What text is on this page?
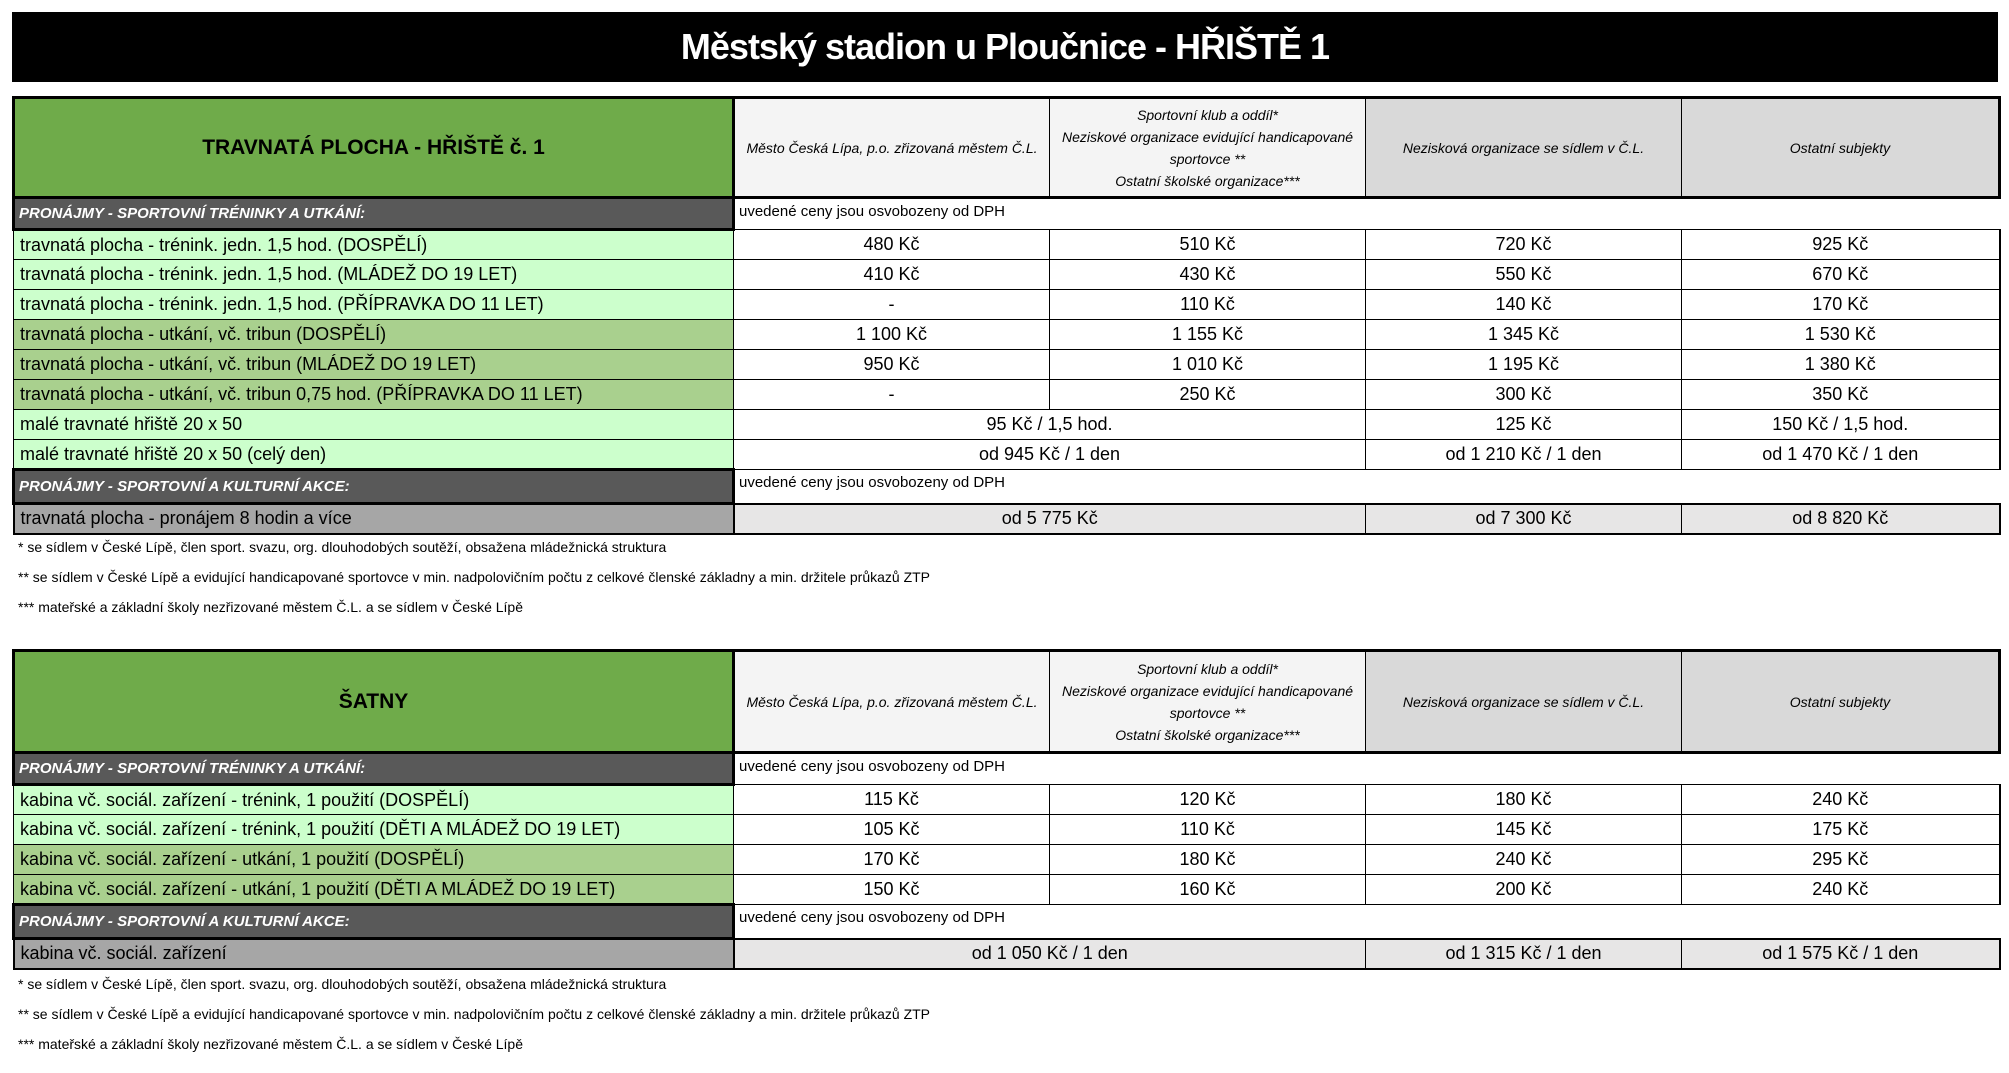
Městský stadion u Ploučnice - HŘIŠTĚ 1
TRAVNATÁ PLOCHA - HŘIŠTĚ č. 1	Město Česká Lípa, p.o. zřizovaná městem Č.L.	Sportovní klub a oddíl*
Neziskové organizace evidující handicapované sportovce **
Ostatní školské organizace***	Nezisková organizace se sídlem v Č.L.	Ostatní subjekty

PRONÁJMY - SPORTOVNÍ TRÉNINKY A UTKÁNÍ:	uvedené ceny jsou osvobozeny od DPH			
travnatá plocha - trénink. jedn. 1,5 hod. (DOSPĚLÍ)	480 Kč	510 Kč	720 Kč	925 Kč
travnatá plocha - trénink. jedn. 1,5 hod. (MLÁDEŽ DO 19 LET)	410 Kč	430 Kč	550 Kč	670 Kč
travnatá plocha - trénink. jedn. 1,5 hod. (PŘÍPRAVKA DO 11 LET)	-	110 Kč	140 Kč	170 Kč
travnatá plocha - utkání, vč. tribun (DOSPĚLÍ)	1 100 Kč	1 155 Kč	1 345 Kč	1 530 Kč
travnatá plocha - utkání, vč. tribun (MLÁDEŽ DO 19 LET)	950 Kč	1 010 Kč	1 195 Kč	1 380 Kč
travnatá plocha - utkání, vč. tribun 0,75 hod. (PŘÍPRAVKA DO 11 LET)	-	250 Kč	300 Kč	350 Kč
malé travnaté hřiště 20 x 50	95 Kč / 1,5 hod.		125 Kč	150 Kč / 1,5 hod.
malé travnaté hřiště 20 x 50 (celý den)	od 945 Kč / 1 den		od 1 210 Kč / 1 den	od 1 470 Kč / 1 den
PRONÁJMY - SPORTOVNÍ A KULTURNÍ AKCE:	uvedené ceny jsou osvobozeny od DPH			
travnatá plocha - pronájem 8 hodin a více	od 5 775 Kč		od 7 300 Kč	od 8 820 Kč
* se sídlem v České Lípě, člen sport. svazu, org. dlouhodobých soutěží, obsažena mládežnická struktura
** se sídlem v České Lípě a evidující handicapované sportovce v min. nadpolovičním počtu z celkové členské základny a min. držitele průkazů ZTP
*** mateřské a základní školy nezřizované městem Č.L. a se sídlem v České Lípě
ŠATNY	Město Česká Lípa, p.o. zřizovaná městem Č.L.	Sportovní klub a oddíl*
Neziskové organizace evidující handicapované sportovce **
Ostatní školské organizace***	Nezisková organizace se sídlem v Č.L.	Ostatní subjekty

PRONÁJMY - SPORTOVNÍ TRÉNINKY A UTKÁNÍ:	uvedené ceny jsou osvobozeny od DPH			
kabina vč. sociál. zařízení - trénink, 1 použití (DOSPĚLÍ)	115 Kč	120 Kč	180 Kč	240 Kč
kabina vč. sociál. zařízení - trénink, 1 použití (DĚTI A MLÁDEŽ DO 19 LET)	105 Kč	110 Kč	145 Kč	175 Kč
kabina vč. sociál. zařízení - utkání, 1 použití (DOSPĚLÍ)	170 Kč	180 Kč	240 Kč	295 Kč
kabina vč. sociál. zařízení - utkání, 1 použití (DĚTI A MLÁDEŽ DO 19 LET)	150 Kč	160 Kč	200 Kč	240 Kč
PRONÁJMY - SPORTOVNÍ A KULTURNÍ AKCE:	uvedené ceny jsou osvobozeny od DPH			
kabina vč. sociál. zařízení	od 1 050 Kč / 1 den		od 1 315 Kč / 1 den	od 1 575 Kč / 1 den
* se sídlem v České Lípě, člen sport. svazu, org. dlouhodobých soutěží, obsažena mládežnická struktura
** se sídlem v České Lípě a evidující handicapované sportovce v min. nadpolovičním počtu z celkové členské základny a min. držitele průkazů ZTP
*** mateřské a základní školy nezřizované městem Č.L. a se sídlem v České Lípě
